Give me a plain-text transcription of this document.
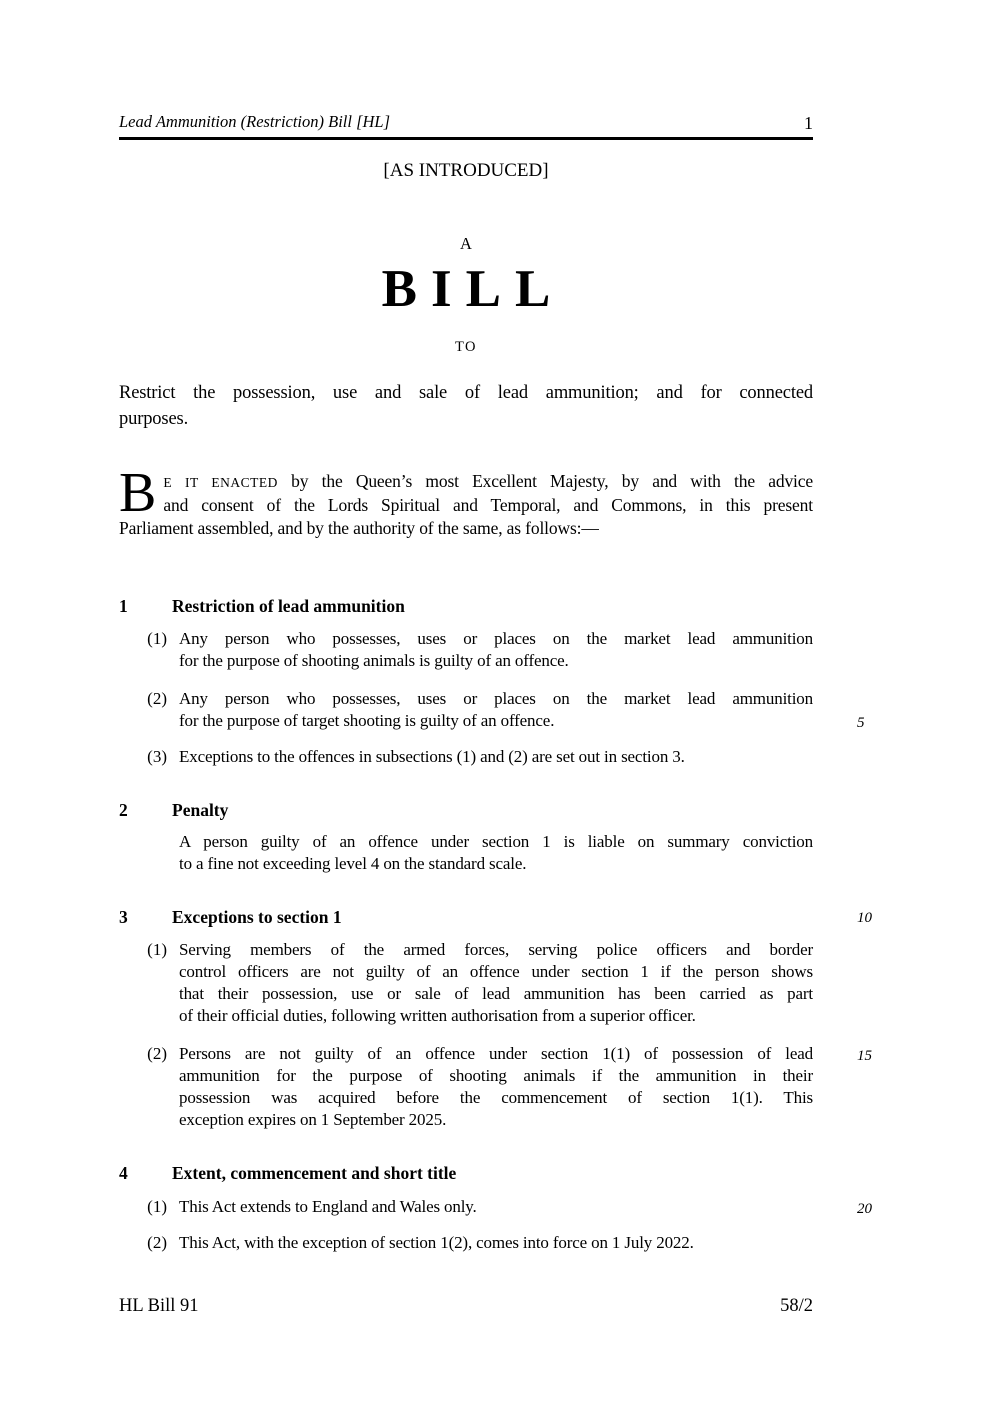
Lead Ammunition (Restriction) Bill [HL]	1
[AS INTRODUCED]
A
BILL
TO
Restrict the possession, use and sale of lead ammunition; and for connected
purposes.
B E IT ENACTED by the Queen’s most Excellent Majesty, by and with the advice
and consent of the Lords Spiritual and Temporal, and Commons, in this present
Parliament assembled, and by the authority of the same, as follows:—
1	Restriction of lead ammunition
(1) Any person who possesses, uses or places on the market lead ammunition
for the purpose of shooting animals is guilty of an offence.
(2)
5
Any person who possesses, uses or places on the market lead ammunition
for the purpose of target shooting is guilty of an offence.
(3) Exceptions to the offences in subsections (1) and (2) are set out in section 3.
2	Penalty
A person guilty of an offence under section 1 is liable on summary conviction
to a fine not exceeding level 4 on the standard scale.
3	Exceptions to section 1	10
(1) Serving members of the armed forces, serving police officers and border
control officers are not guilty of an offence under section 1 if the person shows
that their possession, use or sale of lead ammunition has been carried as part
of their official duties, following written authorisation from a superior officer.
(2)	15
Persons are not guilty of an offence under section 1(1) of possession of lead
ammunition for the purpose of shooting animals if the ammunition in their
possession was acquired before the commencement of section 1(1). This
exception expires on 1 September 2025.
4	Extent, commencement and short title
(1)	20
This Act extends to England and Wales only.
(2) This Act, with the exception of section 1(2), comes into force on 1 July 2022.
HL Bill 91	58/2
